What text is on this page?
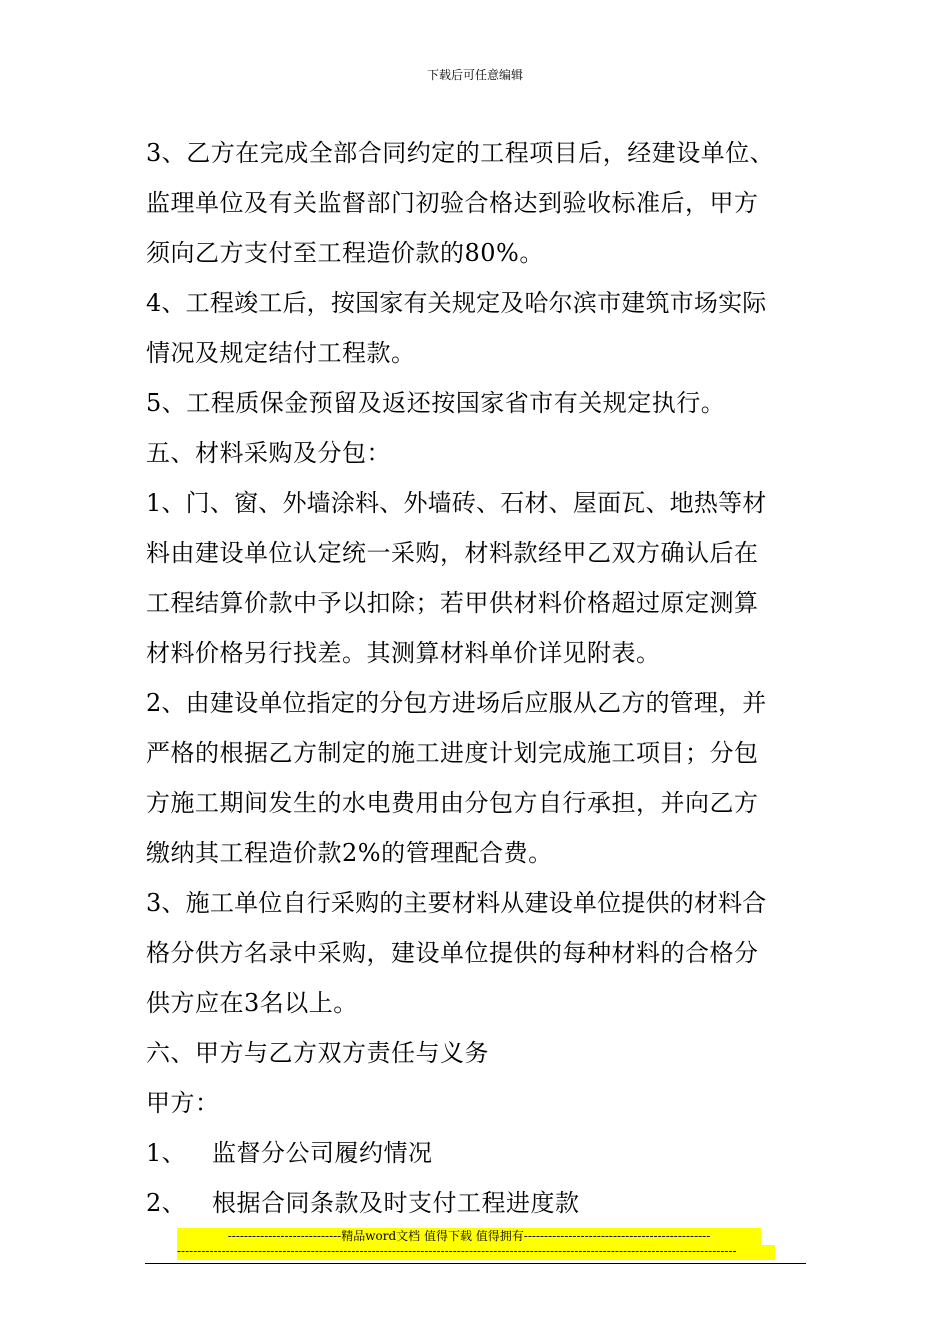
下载后可任意编辑
3、乙方在完成全部合同约定的工程项目后，经建设单位、
监理单位及有关监督部门初验合格达到验收标准后，甲方
须向乙方支付至工程造价款的80%。
4、工程竣工后，按国家有关规定及哈尔滨市建筑市场实际
情况及规定结付工程款。
5、工程质保金预留及返还按国家省市有关规定执行。
五、材料采购及分包：
1、门、窗、外墙涂料、外墙砖、石材、屋面瓦、地热等材
料由建设单位认定统一采购，材料款经甲乙双方确认后在
工程结算价款中予以扣除；若甲供材料价格超过原定测算
材料价格另行找差。其测算材料单价详见附表。
2、由建设单位指定的分包方进场后应服从乙方的管理，并
严格的根据乙方制定的施工进度计划完成施工项目；分包
方施工期间发生的水电费用由分包方自行承担，并向乙方
缴纳其工程造价款2%的管理配合费。
3、施工单位自行采购的主要材料从建设单位提供的材料合
格分供方名录中采购，建设单位提供的每种材料的合格分
供方应在3名以上。
六、甲方与乙方双方责任与义务
甲方：
1、 监督分公司履约情况
2、 根据合同条款及时支付工程进度款
----------------------------精品word文档 值得下载 值得拥有----------------------------------------------
------------------------------------------------------------------------------------------------------------------------------------------
